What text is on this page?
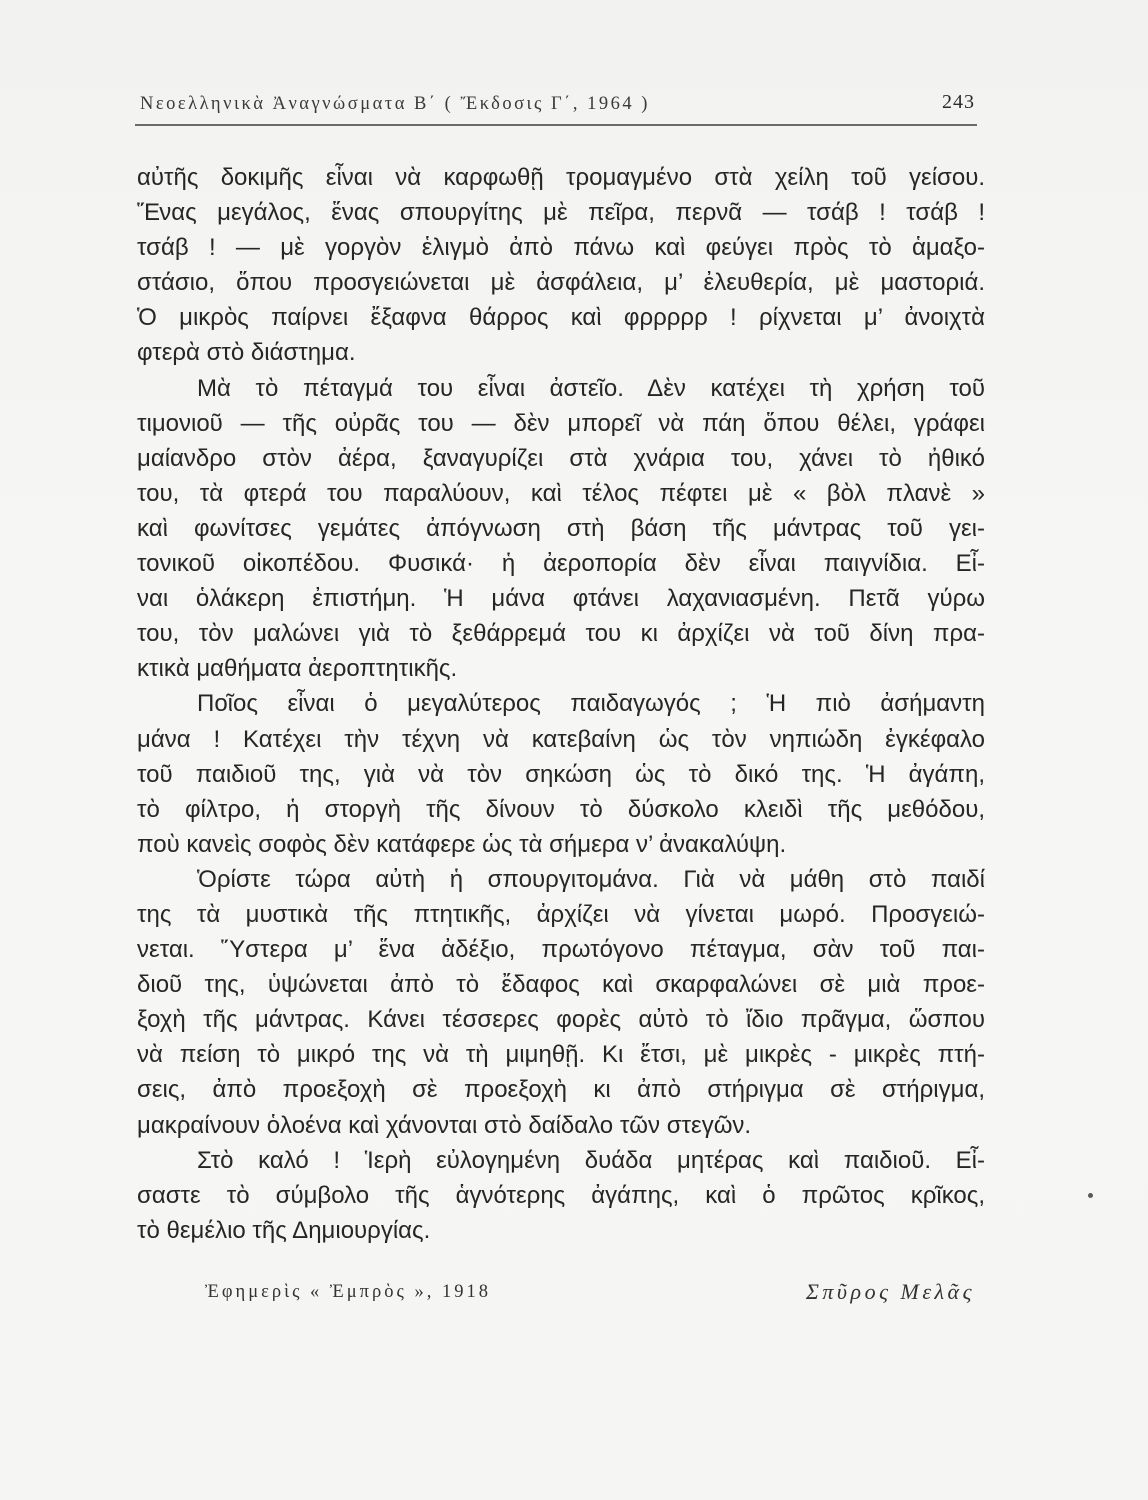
Νεοελληνικὰ Ἀναγνώσματα Β΄ ( Ἔκδοσις Γ΄, 1964 )	243
αὐτῆς δοκιμῆς εἶναι νὰ καρφωθῇ τρομαγμένο στὰ χείλη τοῦ γείσου.
Ἕνας μεγάλος, ἕνας σπουργίτης μὲ πεῖρα, περνᾶ — τσάβ ! τσάβ !
τσάβ ! — μὲ γοργὸν ἑλιγμὸ ἀπὸ πάνω καὶ φεύγει πρὸς τὸ ἁμαξο-
στάσιο, ὅπου προσγειώνεται μὲ ἀσφάλεια, μ’ ἐλευθερία, μὲ μαστοριά.
Ὁ μικρὸς παίρνει ἔξαφνα θάρρος καὶ φρρρρρ ! ρίχνεται μ’ ἀνοιχτὰ
φτερὰ στὸ διάστημα.
Μὰ τὸ πέταγμά του εἶναι ἀστεῖο. Δὲν κατέχει τὴ χρήση τοῦ
τιμονιοῦ — τῆς οὐρᾶς του — δὲν μπορεῖ νὰ πάη ὅπου θέλει, γράφει
μαίανδρο στὸν ἀέρα, ξαναγυρίζει στὰ χνάρια του, χάνει τὸ ἠθικό
του, τὰ φτερά του παραλύουν, καὶ τέλος πέφτει μὲ « βὸλ πλανὲ »
καὶ φωνίτσες γεμάτες ἀπόγνωση στὴ βάση τῆς μάντρας τοῦ γει-
τονικοῦ οἰκοπέδου. Φυσικά· ἡ ἀεροπορία δὲν εἶναι παιγνίδια. Εἶ-
ναι ὁλάκερη ἐπιστήμη. Ἡ μάνα φτάνει λαχανιασμένη. Πετᾶ γύρω
του, τὸν μαλώνει γιὰ τὸ ξεθάρρεμά του κι ἀρχίζει νὰ τοῦ δίνη πρα-
κτικὰ μαθήματα ἀεροπτητικῆς.
Ποῖος εἶναι ὁ μεγαλύτερος παιδαγωγός ; Ἡ πιὸ ἀσήμαντη
μάνα ! Κατέχει τὴν τέχνη νὰ κατεβαίνη ὡς τὸν νηπιώδη ἐγκέφαλο
τοῦ παιδιοῦ της, γιὰ νὰ τὸν σηκώση ὡς τὸ δικό της. Ἡ ἀγάπη,
τὸ φίλτρο, ἡ στοργὴ τῆς δίνουν τὸ δύσκολο κλειδὶ τῆς μεθόδου,
ποὺ κανεὶς σοφὸς δὲν κατάφερε ὡς τὰ σήμερα ν’ ἀνακαλύψη.
Ὁρίστε τώρα αὐτὴ ἡ σπουργιτομάνα. Γιὰ νὰ μάθη στὸ παιδί
της τὰ μυστικὰ τῆς πτητικῆς, ἀρχίζει νὰ γίνεται μωρό. Προσγειώ-
νεται. Ὕστερα μ’ ἕνα ἀδέξιο, πρωτόγονο πέταγμα, σὰν τοῦ παι-
διοῦ της, ὑψώνεται ἀπὸ τὸ ἔδαφος καὶ σκαρφαλώνει σὲ μιὰ προε-
ξοχὴ τῆς μάντρας. Κάνει τέσσερες φορὲς αὐτὸ τὸ ἴδιο πρᾶγμα, ὥσπου
νὰ πείση τὸ μικρό της νὰ τὴ μιμηθῇ. Κι ἔτσι, μὲ μικρὲς - μικρὲς πτή-
σεις, ἀπὸ προεξοχὴ σὲ προεξοχὴ κι ἀπὸ στήριγμα σὲ στήριγμα,
μακραίνουν ὁλοένα καὶ χάνονται στὸ δαίδαλο τῶν στεγῶν.
Στὸ καλό ! Ἱερὴ εὐλογημένη δυάδα μητέρας καὶ παιδιοῦ. Εἶ-
σαστε τὸ σύμβολο τῆς ἁγνότερης ἀγάπης, καὶ ὁ πρῶτος κρῖκος,
τὸ θεμέλιο τῆς Δημιουργίας.
Ἐφημερὶς « Ἐμπρὸς », 1918	Σπῦρος Μελᾶς
